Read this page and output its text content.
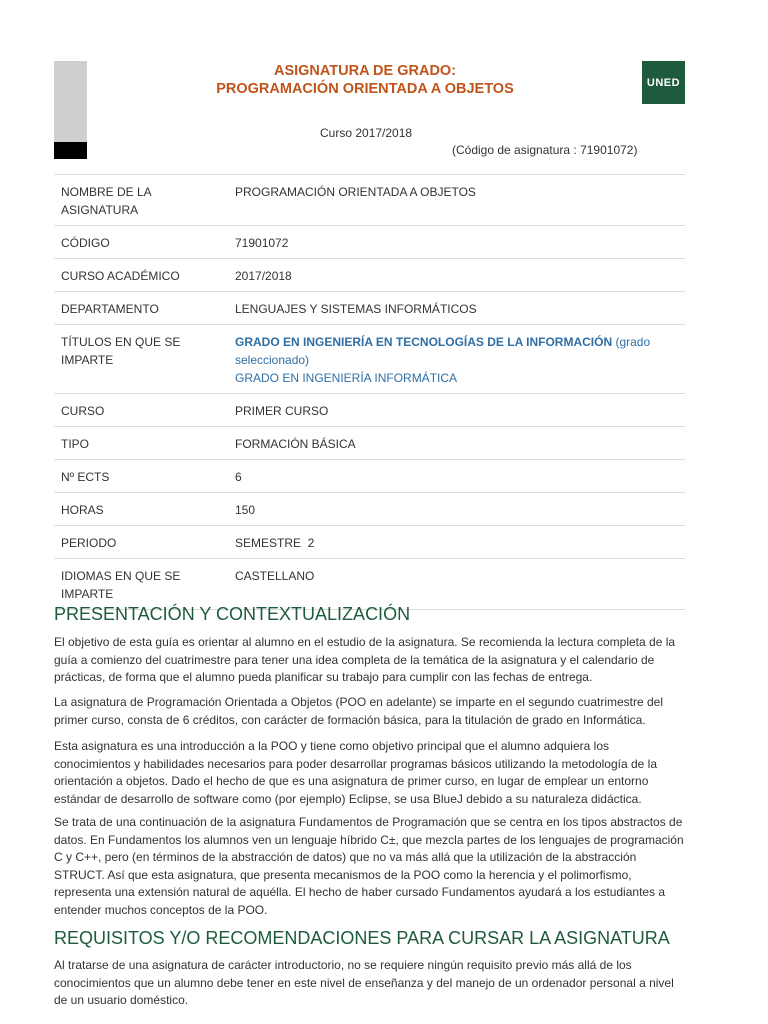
ASIGNATURA DE GRADO:
PROGRAMACIÓN ORIENTADA A OBJETOS	UNED
Curso 2017/2018
(Código de asignatura : 71901072)
NOMBRE DE LA ASIGNATURA	PROGRAMACIÓN ORIENTADA A OBJETOS
CÓDIGO	71901072
CURSO ACADÉMICO	2017/2018
DEPARTAMENTO	LENGUAJES Y SISTEMAS INFORMÁTICOS
TÍTULOS EN QUE SE IMPARTE	GRADO EN INGENIERÍA EN TECNOLOGÍAS DE LA INFORMACIÓN (grado seleccionado)
GRADO EN INGENIERÍA INFORMÁTICA
CURSO	PRIMER CURSO
TIPO	FORMACIÓN BÁSICA
Nº ECTS	6
HORAS	150
PERIODO	SEMESTRE  2
IDIOMAS EN QUE SE IMPARTE	CASTELLANO
PRESENTACIÓN Y CONTEXTUALIZACIÓN

El objetivo de esta guía es orientar al alumno en el estudio de la asignatura. Se recomienda la lectura completa de la guía a comienzo del cuatrimestre para tener una idea completa de la temática de la asignatura y el calendario de prácticas, de forma que el alumno pueda planificar su trabajo para cumplir con las fechas de entrega.

La asignatura de Programación Orientada a Objetos (POO en adelante) se imparte en el segundo cuatrimestre del primer curso, consta de 6 créditos, con carácter de formación básica, para la titulación de grado en Informática.

Esta asignatura es una introducción a la POO y tiene como objetivo principal que el alumno adquiera los conocimientos y habilidades necesarios para poder desarrollar programas básicos utilizando la metodología de la orientación a objetos. Dado el hecho de que es una asignatura de primer curso, en lugar de emplear un entorno estándar de desarrollo de software como (por ejemplo) Eclipse, se usa BlueJ debido a su naturaleza didáctica.

Se trata de una continuación de la asignatura Fundamentos de Programación que se centra en los tipos abstractos de datos. En Fundamentos los alumnos ven un lenguaje híbrido C±, que mezcla partes de los lenguajes de programación C y C++, pero (en términos de la abstracción de datos) que no va más allá que la utilización de la abstracción STRUCT. Así que esta asignatura, que presenta mecanismos de la POO como la herencia y el polimorfismo, representa una extensión natural de aquélla. El hecho de haber cursado Fundamentos ayudará a los estudiantes a entender muchos conceptos de la POO.

REQUISITOS Y/O RECOMENDACIONES PARA CURSAR LA ASIGNATURA

Al tratarse de una asignatura de carácter introductorio, no se requiere ningún requisito previo más allá de los conocimientos que un alumno debe tener en este nivel de enseñanza y del manejo de un ordenador personal a nivel de un usuario doméstico.
